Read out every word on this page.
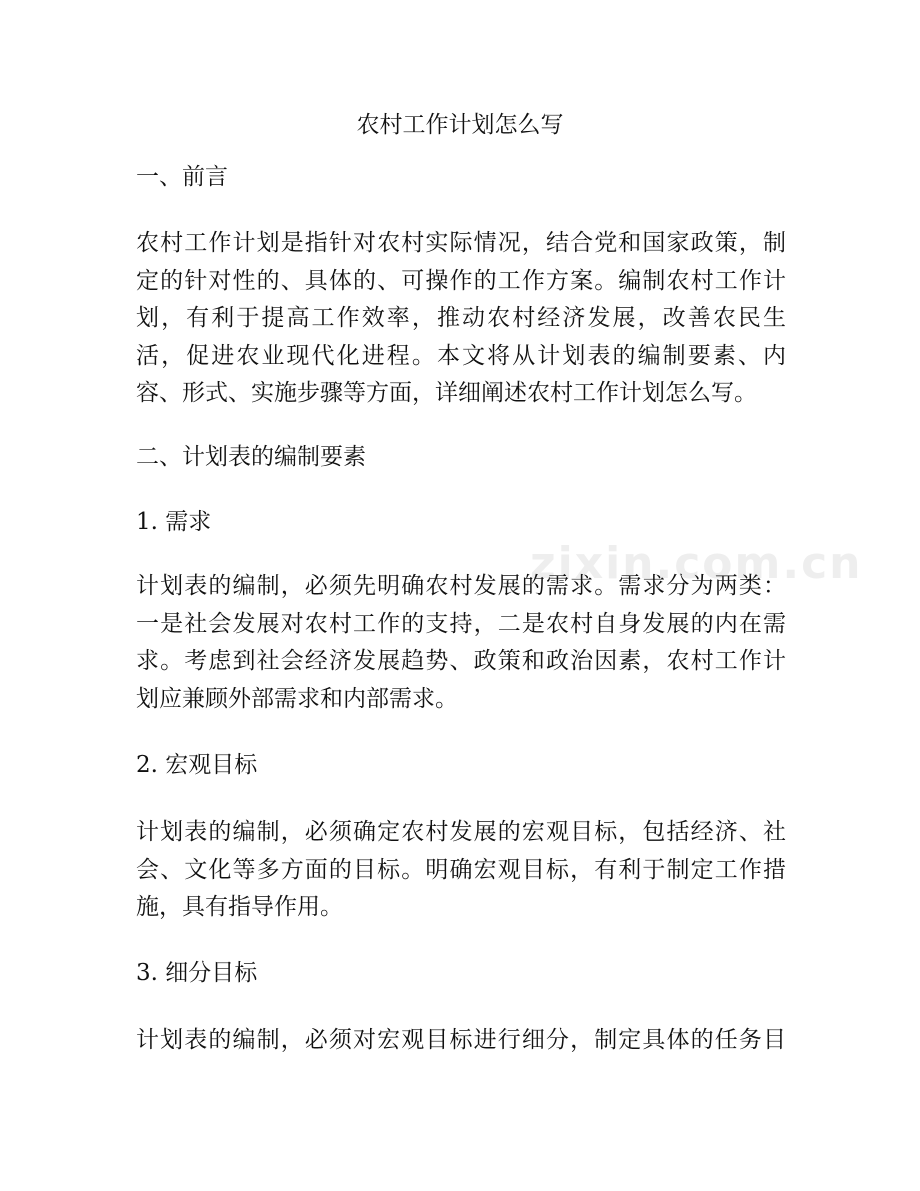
zixin.com.cn
农村工作计划怎么写
一、前言
农村工作计划是指针对农村实际情况，结合党和国家政策，制
定的针对性的、具体的、可操作的工作方案。编制农村工作计
划，有利于提高工作效率，推动农村经济发展，改善农民生
活，促进农业现代化进程。本文将从计划表的编制要素、内
容、形式、实施步骤等方面，详细阐述农村工作计划怎么写。
二、计划表的编制要素
1. 需求
计划表的编制，必须先明确农村发展的需求。需求分为两类：
一是社会发展对农村工作的支持，二是农村自身发展的内在需
求。考虑到社会经济发展趋势、政策和政治因素，农村工作计
划应兼顾外部需求和内部需求。
2. 宏观目标
计划表的编制，必须确定农村发展的宏观目标，包括经济、社
会、文化等多方面的目标。明确宏观目标，有利于制定工作措
施，具有指导作用。
3. 细分目标
计划表的编制，必须对宏观目标进行细分，制定具体的任务目
